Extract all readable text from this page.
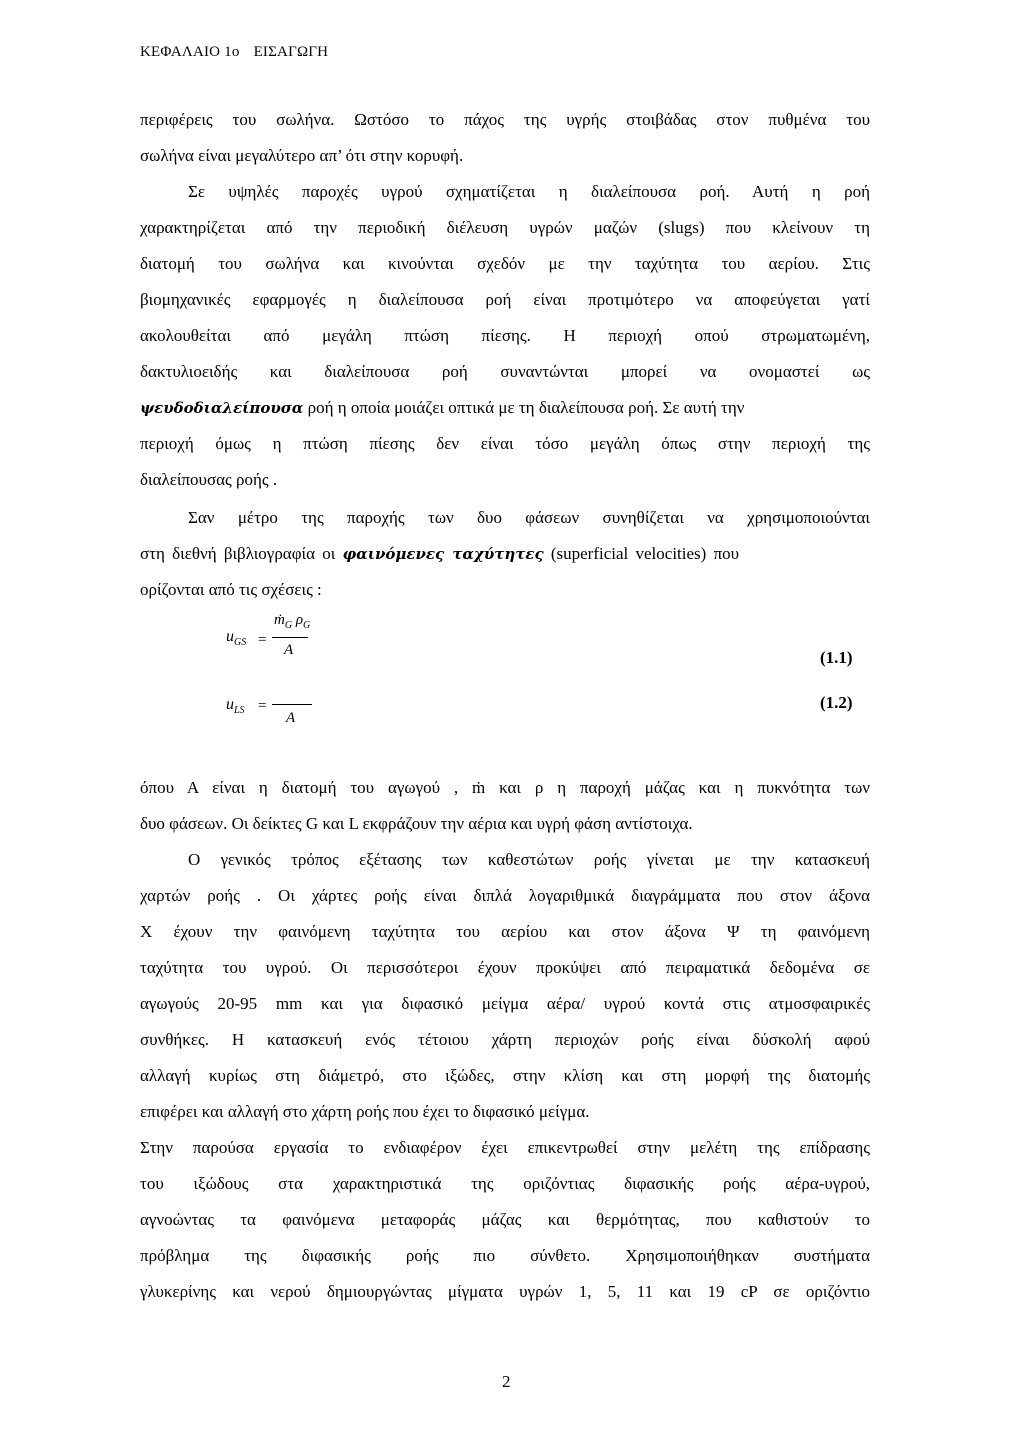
ΚΕΦΑΛΑΙΟ 1ο ΕΙΣΑΓΩΓΗ
περιφέρεις του σωλήνα. Ωστόσο το πάχος της υγρής στοιβάδας στον πυθμένα του
σωλήνα είναι μεγαλύτερο απ’ ότι στην κορυφή.
Σε υψηλές παροχές υγρού σχηματίζεται η διαλείπουσα ροή. Αυτή η ροή
χαρακτηρίζεται από την περιοδική διέλευση υγρών μαζών (slugs) που κλείνουν τη
διατομή του σωλήνα και κινούνται σχεδόν με την ταχύτητα του αερίου. Στις
βιομηχανικές εφαρμογές η διαλείπουσα ροή είναι προτιμότερο να αποφεύγεται γατί
ακολουθείται από μεγάλη πτώση πίεσης. Η περιοχή οπού στρωματωμένη,
δακτυλιοειδής και διαλείπουσα ροή συναντώνται μπορεί να ονομαστεί ως
ψευδοδιαλείπουσα ροή η οποία μοιάζει οπτικά με τη διαλείπουσα ροή. Σε αυτή την
περιοχή όμως η πτώση πίεσης δεν είναι τόσο μεγάλη όπως στην περιοχή της
διαλείπουσας ροής .
Σαν μέτρο της παροχής των δυο φάσεων συνηθίζεται να χρησιμοποιούνται
στη διεθνή βιβλιογραφία οι φαινόμενες ταχύτητες (superficial velocities) που
ορίζονται από τις σχέσεις :
$u_{GS}$ =
ṁ$_G$ $\rho_G$
A	(1.1)
$u_{LS}$ =
A
(1.2)
όπου Α είναι η διατομή του αγωγού , ṁ και ρ η παροχή μάζας και η πυκνότητα των
δυο φάσεων. Οι δείκτες G και L εκφράζουν την αέρια και υγρή φάση αντίστοιχα.
Ο γενικός τρόπος εξέτασης των καθεστώτων ροής γίνεται με την κατασκευή
χαρτών ροής . Οι χάρτες ροής είναι διπλά λογαριθμικά διαγράμματα που στον άξονα
Χ έχουν την φαινόμενη ταχύτητα του αερίου και στον άξονα Ψ τη φαινόμενη
ταχύτητα του υγρού. Οι περισσότεροι έχουν προκύψει από πειραματικά δεδομένα σε
αγωγούς 20-95 mm και για διφασικό μείγμα αέρα/ υγρού κοντά στις ατμοσφαιρικές
συνθήκες. Η κατασκευή ενός τέτοιου χάρτη περιοχών ροής είναι δύσκολή αφού
αλλαγή κυρίως στη διάμετρό, στο ιξώδες, στην κλίση και στη μορφή της διατομής
επιφέρει και αλλαγή στο χάρτη ροής που έχει το διφασικό μείγμα.
Στην παρούσα εργασία το ενδιαφέρον έχει επικεντρωθεί στην μελέτη της επίδρασης
του ιξώδους στα χαρακτηριστικά της οριζόντιας διφασικής ροής αέρα-υγρού,
αγνοώντας τα φαινόμενα μεταφοράς μάζας και θερμότητας, που καθιστούν το
πρόβλημα της διφασικής ροής πιο σύνθετο. Χρησιμοποιήθηκαν συστήματα
γλυκερίνης και νερού δημιουργώντας μίγματα υγρών 1, 5, 11 και 19 cP σε οριζόντιο
2
